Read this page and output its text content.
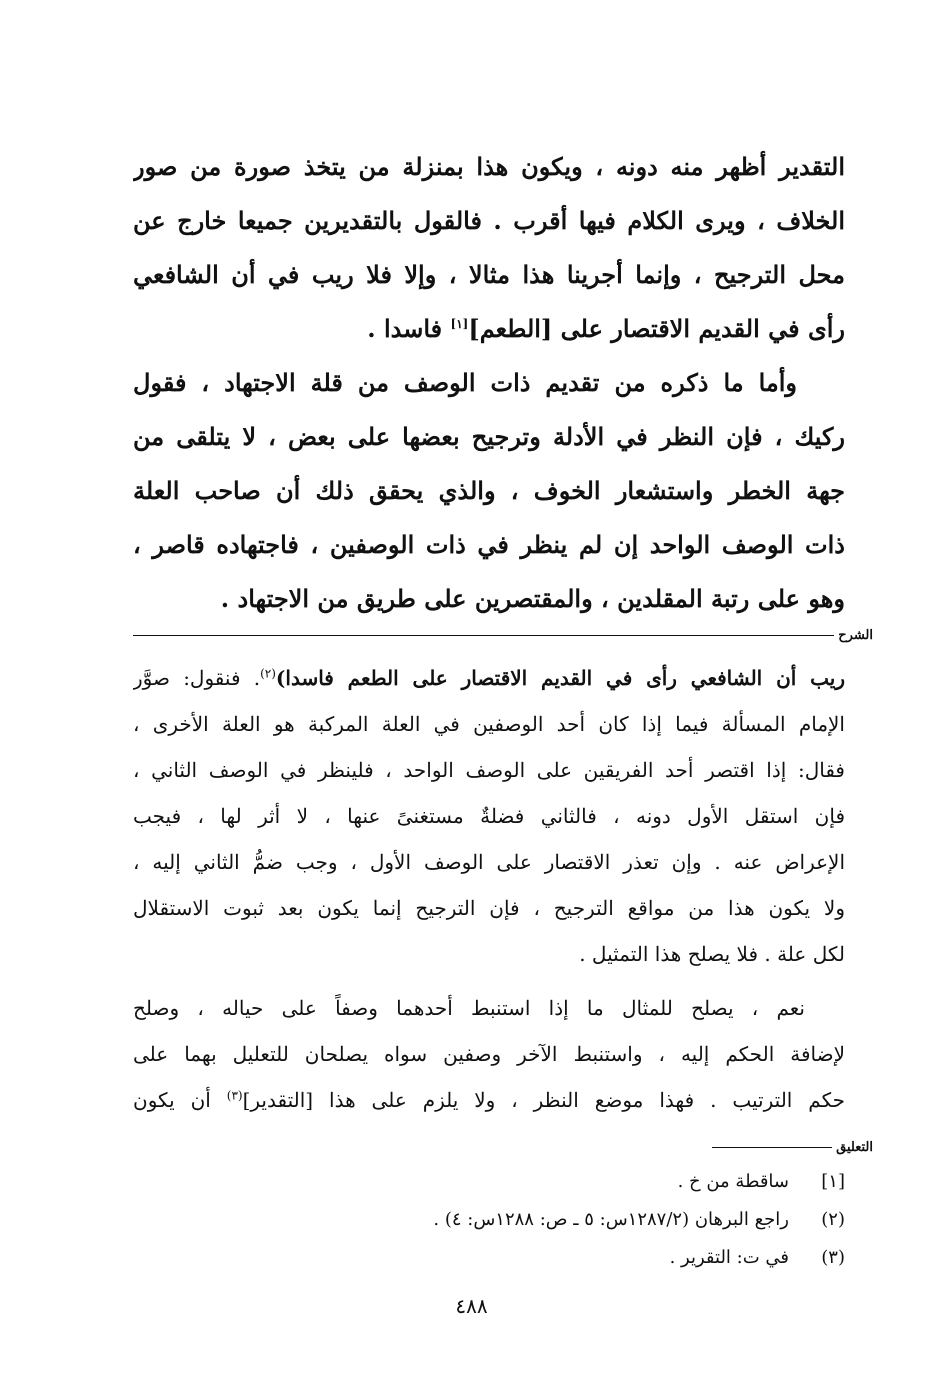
التقدير أظهر منه دونه ، ويكون هذا بمنزلة من يتخذ صورة من صور
الخلاف ، ويرى الكلام فيها أقرب . فالقول بالتقديرين جميعا خارج عن
محل الترجيح ، وإنما أجرينا هذا مثالا ، وإلا فلا ريب في أن الشافعي
رأى في القديم الاقتصار على [الطعم][١] فاسدا .
وأما ما ذكره من تقديم ذات الوصف من قلة الاجتهاد ، فقول
ركيك ، فإن النظر في الأدلة وترجيح بعضها على بعض ، لا يتلقى من
جهة الخطر واستشعار الخوف ، والذي يحقق ذلك أن صاحب العلة
ذات الوصف الواحد إن لم ينظر في ذات الوصفين ، فاجتهاده قاصر ،
وهو على رتبة المقلدين ، والمقتصرين على طريق من الاجتهاد .
الشرح
ريب أن الشافعي رأى في القديم الاقتصار على الطعم فاسدا)$^{(٢)}$. فنقول: صوَّر
الإمام المسألة فيما إذا كان أحد الوصفين في العلة المركبة هو العلة الأخرى ،
فقال: إذا اقتصر أحد الفريقين على الوصف الواحد ، فلينظر في الوصف الثاني ،
فإن استقل الأول دونه ، فالثاني فضلةٌ مستغنىً عنها ، لا أثر لها ، فيجب
الإعراض عنه . وإن تعذر الاقتصار على الوصف الأول ، وجب ضمُّ الثاني إليه ،
ولا يكون هذا من مواقع الترجيح ، فإن الترجيح إنما يكون بعد ثبوت الاستقلال
لكل علة . فلا يصلح هذا التمثيل .
نعم ، يصلح للمثال ما إذا استنبط أحدهما وصفاً على حياله ، وصلح
لإضافة الحكم إليه ، واستنبط الآخر وصفين سواه يصلحان للتعليل بهما على
حكم الترتيب . فهذا موضع النظر ، ولا يلزم على هذا [التقدير]$^{(٣)}$ أن يكون
التعليق
[١]
ساقطة من خ .
(٢)
راجع البرهان (١٢٨٧/٢س: ٥ ـ ص: ١٢٨٨س: ٤) .
(٣)
في ت: التقرير .
٤٨٨
